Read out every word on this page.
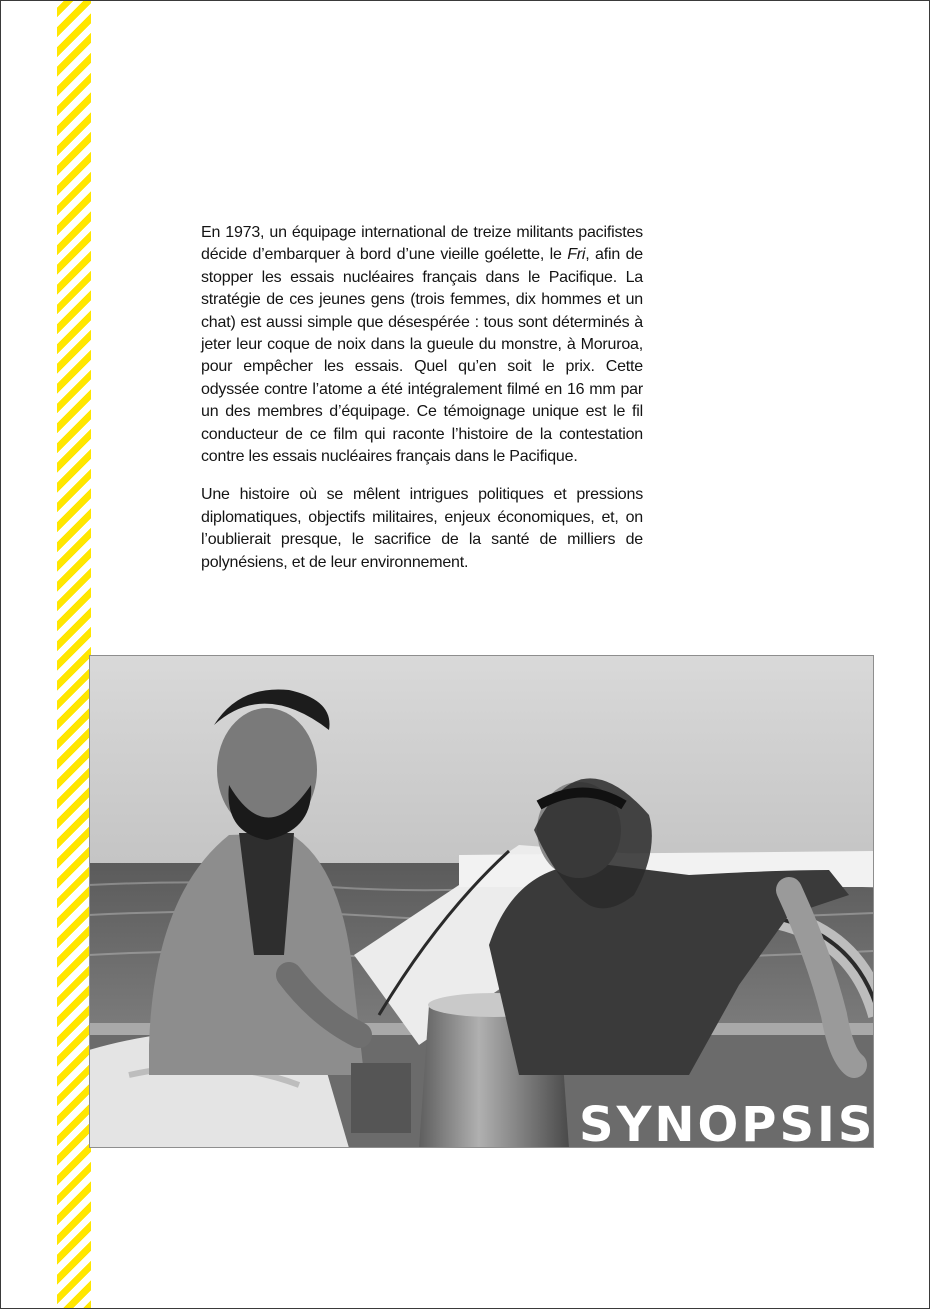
En 1973, un équipage international de treize militants pacifistes décide d’embarquer à bord d’une vieille goélette, le Fri, afin de stopper les essais nucléaires français dans le Pacifique. La stratégie de ces jeunes gens (trois femmes, dix hommes et un chat) est aussi simple que désespérée : tous sont déterminés à jeter leur coque de noix dans la gueule du monstre, à Moruroa, pour empêcher les essais. Quel qu’en soit le prix. Cette odyssée contre l’atome a été intégralement filmé en 16 mm par un des membres d’équipage. Ce témoignage unique est le fil conducteur de ce film qui raconte l’histoire de la contestation contre les essais nucléaires français dans le Pacifique.

Une histoire où se mêlent intrigues politiques et pressions diplomatiques, objectifs militaires, enjeux économiques, et, on l’oublierait presque, le sacrifice de la santé de milliers de polynésiens, et de leur environnement.

SYNOPSIS
